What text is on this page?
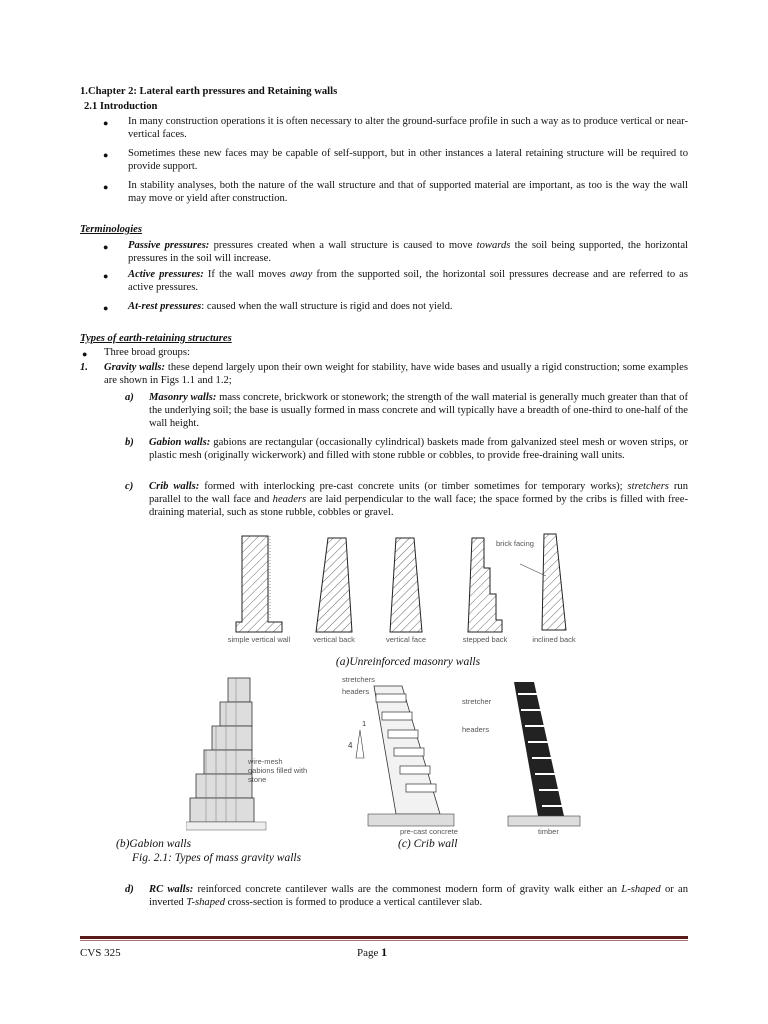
1.Chapter 2: Lateral earth pressures and Retaining walls
2.1 Introduction
● In many construction operations it is often necessary to alter the ground-surface profile in such a way as to produce vertical or near-vertical faces.
● Sometimes these new faces may be capable of self-support, but in other instances a lateral retaining structure will be required to provide support.
● In stability analyses, both the nature of the wall structure and that of supported material are important, as too is the way the wall may move or yield after construction.
Terminologies
● Passive pressures: pressures created when a wall structure is caused to move towards the soil being supported, the horizontal pressures in the soil will increase.
● Active pressures: If the wall moves away from the supported soil, the horizontal soil pressures decrease and are referred to as active pressures.
● At-rest pressures: caused when the wall structure is rigid and does not yield.
Types of earth-retaining structures
● Three broad groups:
1. Gravity walls: these depend largely upon their own weight for stability, have wide bases and usually a rigid construction; some examples are shown in Figs 1.1 and 1.2;
a) Masonry walls: mass concrete, brickwork or stonework; the strength of the wall material is generally much greater than that of the underlying soil; the base is usually formed in mass concrete and will typically have a breadth of one-third to one-half of the wall height.
b) Gabion walls: gabions are rectangular (occasionally cylindrical) baskets made from galvanized steel mesh or woven strips, or plastic mesh (originally wickerwork) and filled with stone rubble or cobbles, to provide free-draining wall units.
c) Crib walls: formed with interlocking pre-cast concrete units (or timber sometimes for temporary works); stretchers run parallel to the wall face and headers are laid perpendicular to the wall face; the space formed by the cribs is filled with free-draining material, such as stone rubble, cobbles or gravel.
simple vertical wall	vertical back	vertical face	stepped back	inclined back
brick facing
(a)Unreinforced masonry walls
wire-mesh gabions filled with stone
stretchers
headers
stretcher
headers
1
4
pre-cast concrete	timber
(b)Gabion walls	(c) Crib wall
Fig. 2.1: Types of mass gravity walls
d) RC walls: reinforced concrete cantilever walls are the commonest modern form of gravity walk either an L-shaped or an inverted T-shaped cross-section is formed to produce a vertical cantilever slab.
CVS 325	Page 1
